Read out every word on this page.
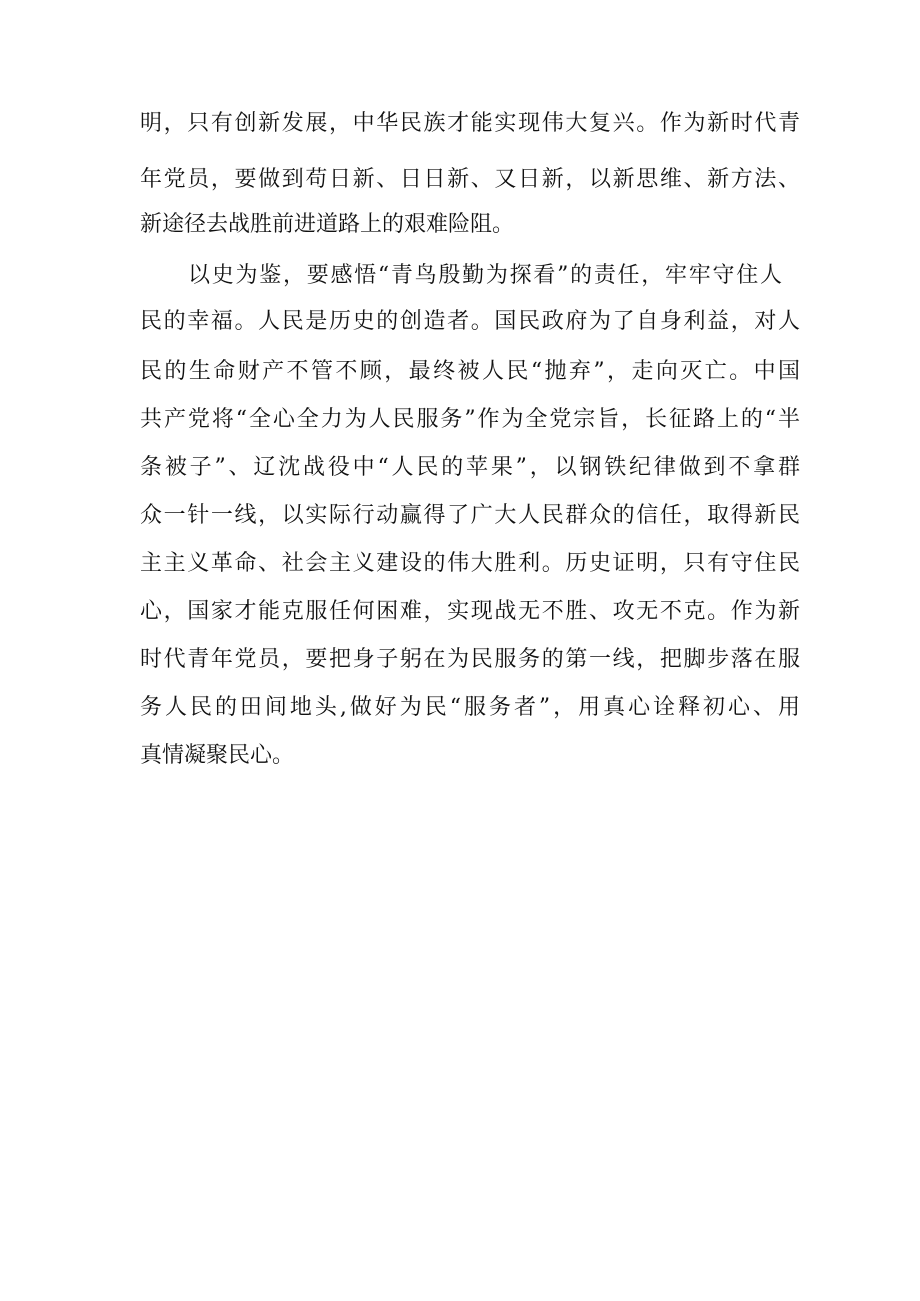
明，只有创新发展，中华民族才能实现伟大复兴。作为新时代青
年党员，要做到苟日新、日日新、又日新，以新思维、新方法、
新途径去战胜前进道路上的艰难险阻。
以史为鉴，要感悟“青鸟殷勤为探看”的责任，牢牢守住人
民的幸福。人民是历史的创造者。国民政府为了自身利益，对人
民的生命财产不管不顾，最终被人民“抛弃”，走向灭亡。中国
共产党将“全心全力为人民服务”作为全党宗旨，长征路上的“半
条被子”、辽沈战役中“人民的苹果”，以钢铁纪律做到不拿群
众一针一线，以实际行动赢得了广大人民群众的信任，取得新民
主主义革命、社会主义建设的伟大胜利。历史证明，只有守住民
心，国家才能克服任何困难，实现战无不胜、攻无不克。作为新
时代青年党员，要把身子躬在为民服务的第一线，把脚步落在服
务人民的田间地头,做好为民“服务者”，用真心诠释初心、用
真情凝聚民心。
